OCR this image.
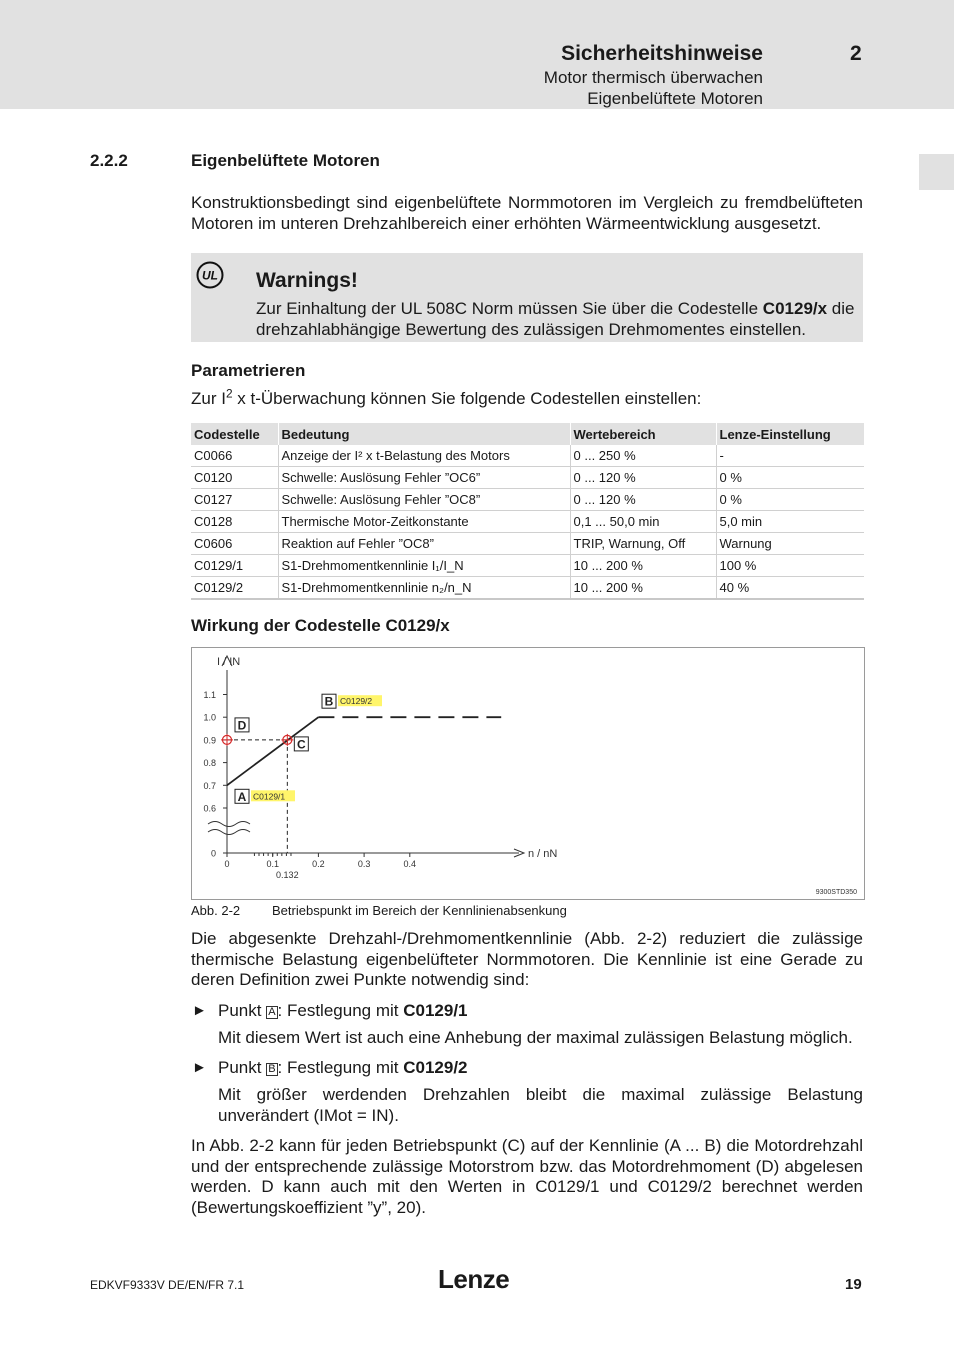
Sicherheitshinweise	2
Motor thermisch überwachen
Eigenbelüftete Motoren
2.2.2	Eigenbelüftete Motoren
Konstruktionsbedingt sind eigenbelüftete Normmotoren im Vergleich zu fremdbelüfteten Motoren im unteren Drehzahlbereich einer erhöhten Wärmeentwicklung ausgesetzt.
UL Warnings!
Zur Einhaltung der UL 508C Norm müssen Sie über die Codestelle C0129/x die drehzahlabhängige Bewertung des zulässigen Drehmomentes einstellen.
Parametrieren
Zur $I^2$ x t-Überwachung können Sie folgende Codestellen einstellen:
Codestelle	Bedeutung	Wertebereich	Lenze-Einstellung
C0066	Anzeige der I² x t-Belastung des Motors	0 ... 250 %	-
C0120	Schwelle: Auslösung Fehler ”OC6”	0 ... 120 %	0 %
C0127	Schwelle: Auslösung Fehler ”OC8”	0 ... 120 %	0 %
C0128	Thermische Motor-Zeitkonstante	0,1 ... 50,0 min	5,0 min
C0606	Reaktion auf Fehler ”OC8”	TRIP, Warnung, Off	Warnung
C0129/1	S1-Drehmomentkennlinie I₁/I_N	10 ... 200 %	100 %
C0129/2	S1-Drehmomentkennlinie n₂/n_N	10 ... 200 %	40 %
Wirkung der Codestelle C0129/x
I / IN
n / nN
0
0.6
0.7
0.8
0.9
1.0
1.1
0	0.1	0.2	0.3	0.4
0.132
A C0129/1
B C0129/2
C
D
9300STD350
Abb. 2-2 Betriebspunkt im Bereich der Kennlinienabsenkung
Die abgesenkte Drehzahl-/Drehmomentkennlinie (Abb. 2-2) reduziert die zulässige thermische Belastung eigenbelüfteter Normmotoren. Die Kennlinie ist eine Gerade zu deren Definition zwei Punkte notwendig sind:
► Punkt A : Festlegung mit C0129/1
Mit diesem Wert ist auch eine Anhebung der maximal zulässigen Belastung möglich.
► Punkt B : Festlegung mit C0129/2
Mit größer werdenden Drehzahlen bleibt die maximal zulässige Belastung unverändert (IMot = IN).
In Abb. 2-2 kann für jeden Betriebspunkt (C) auf der Kennlinie (A ... B) die Motordrehzahl und der entsprechende zulässige Motorstrom bzw. das Motordrehmoment (D) abgelesen werden. D kann auch mit den Werten in C0129/1 und C0129/2 berechnet werden (Bewertungskoeffizient ”y”, 20).
EDKVF9333V DE/EN/FR 7.1	Lenze	19
